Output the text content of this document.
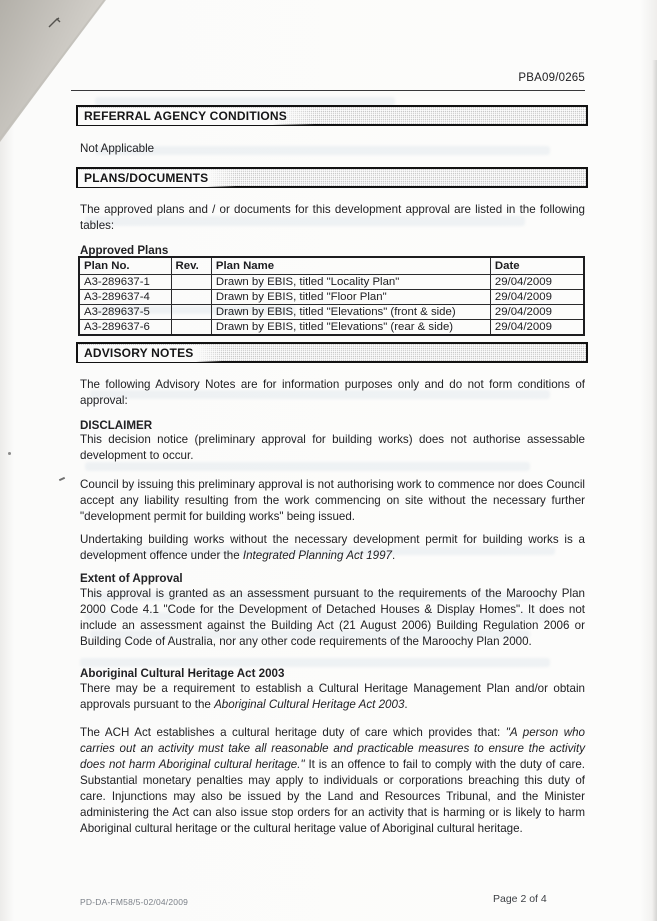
PBA09/0265
REFERRAL AGENCY CONDITIONS
Not Applicable
PLANS/DOCUMENTS
The approved plans and / or documents for this development approval are listed in the following tables:
Approved Plans
Plan No.	Rev.	Plan Name	Date
A3-289637-1		Drawn by EBIS, titled "Locality Plan"	29/04/2009
A3-289637-4		Drawn by EBIS, titled "Floor Plan"	29/04/2009
A3-289637-5		Drawn by EBIS, titled "Elevations" (front & side)	29/04/2009
A3-289637-6		Drawn by EBIS, titled "Elevations" (rear & side)	29/04/2009
ADVISORY NOTES
The following Advisory Notes are for information purposes only and do not form conditions of approval:
DISCLAIMER
This decision notice (preliminary approval for building works) does not authorise assessable development to occur.
Council by issuing this preliminary approval is not authorising work to commence nor does Council accept any liability resulting from the work commencing on site without the necessary further "development permit for building works" being issued.
Undertaking building works without the necessary development permit for building works is a development offence under the Integrated Planning Act 1997.
Extent of Approval
This approval is granted as an assessment pursuant to the requirements of the Maroochy Plan 2000 Code 4.1 "Code for the Development of Detached Houses & Display Homes". It does not include an assessment against the Building Act (21 August 2006) Building Regulation 2006 or Building Code of Australia, nor any other code requirements of the Maroochy Plan 2000.
Aboriginal Cultural Heritage Act 2003
There may be a requirement to establish a Cultural Heritage Management Plan and/or obtain approvals pursuant to the Aboriginal Cultural Heritage Act 2003.
The ACH Act establishes a cultural heritage duty of care which provides that: "A person who carries out an activity must take all reasonable and practicable measures to ensure the activity does not harm Aboriginal cultural heritage." It is an offence to fail to comply with the duty of care. Substantial monetary penalties may apply to individuals or corporations breaching this duty of care. Injunctions may also be issued by the Land and Resources Tribunal, and the Minister administering the Act can also issue stop orders for an activity that is harming or is likely to harm Aboriginal cultural heritage or the cultural heritage value of Aboriginal cultural heritage.
PD-DA-FM58/5-02/04/2009	Page 2 of 4
